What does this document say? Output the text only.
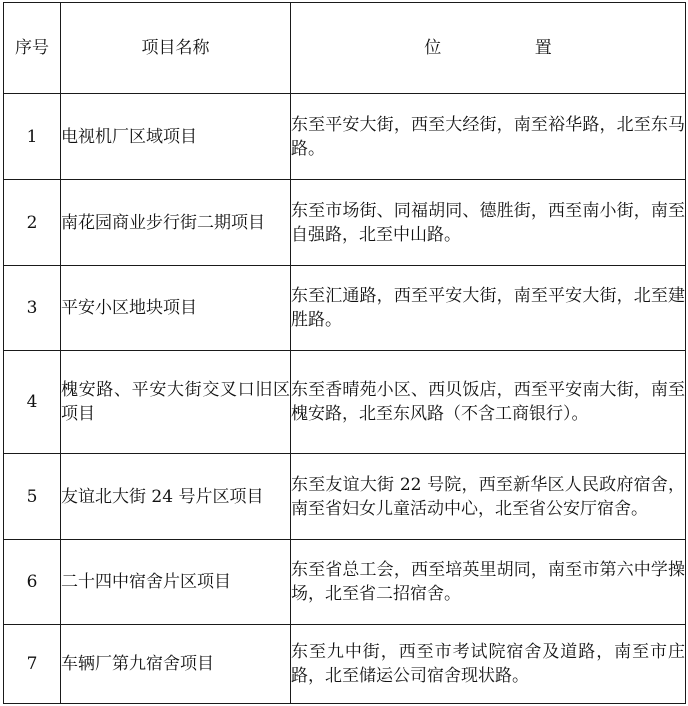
序号	项目名称	位 置
1	电视机厂区域项目	东至平安大街，西至大经街，南至裕华路，北至东马路。
2	南花园商业步行街二期项目	东至市场街、同福胡同、德胜街，西至南小街，南至自强路，北至中山路。
3	平安小区地块项目	东至汇通路，西至平安大街，南至平安大街，北至建胜路。
4	槐安路、平安大街交叉口旧区项目	东至香晴苑小区、西贝饭店，西至平安南大街，南至槐安路，北至东风路（不含工商银行）。
5	友谊北大街 24 号片区项目	东至友谊大街 22 号院，西至新华区人民政府宿舍，南至省妇女儿童活动中心，北至省公安厅宿舍。
6	二十四中宿舍片区项目	东至省总工会，西至培英里胡同，南至市第六中学操场，北至省二招宿舍。
7	车辆厂第九宿舍项目	东至九中街，西至市考试院宿舍及道路，南至市庄路，北至储运公司宿舍现状路。
